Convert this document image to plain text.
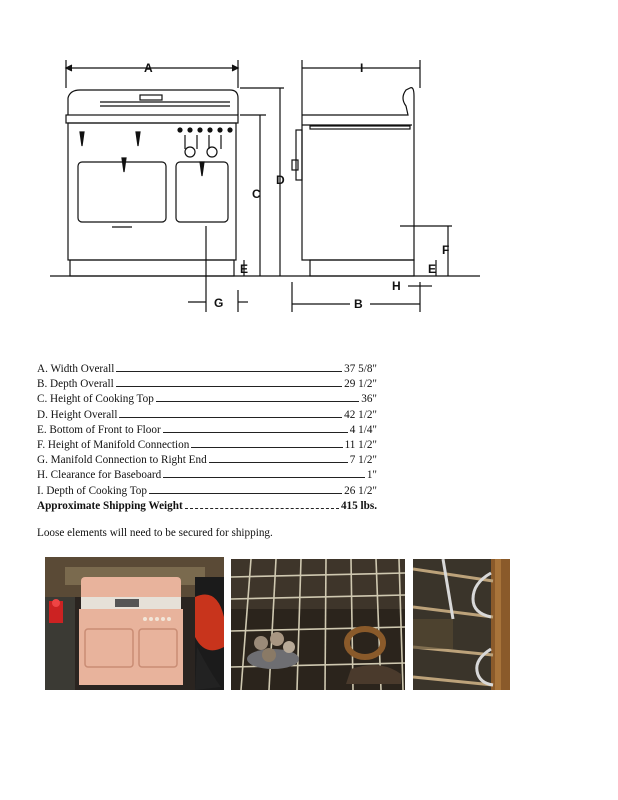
A	I
C
D
E
F
G	B
H
E
A. Width Overall	37 5/8"
B. Depth Overall	29 1/2"
C. Height of Cooking Top	36"
D. Height Overall	42 1/2"
E. Bottom of Front to Floor	4 1/4"
F. Height of Manifold Connection	11 1/2"
G. Manifold Connection to Right End	7 1/2"
H. Clearance for Baseboard	1"
I. Depth of Cooking Top	26 1/2"
Approximate Shipping Weight	415 lbs.
Loose elements will need to be secured for shipping.
